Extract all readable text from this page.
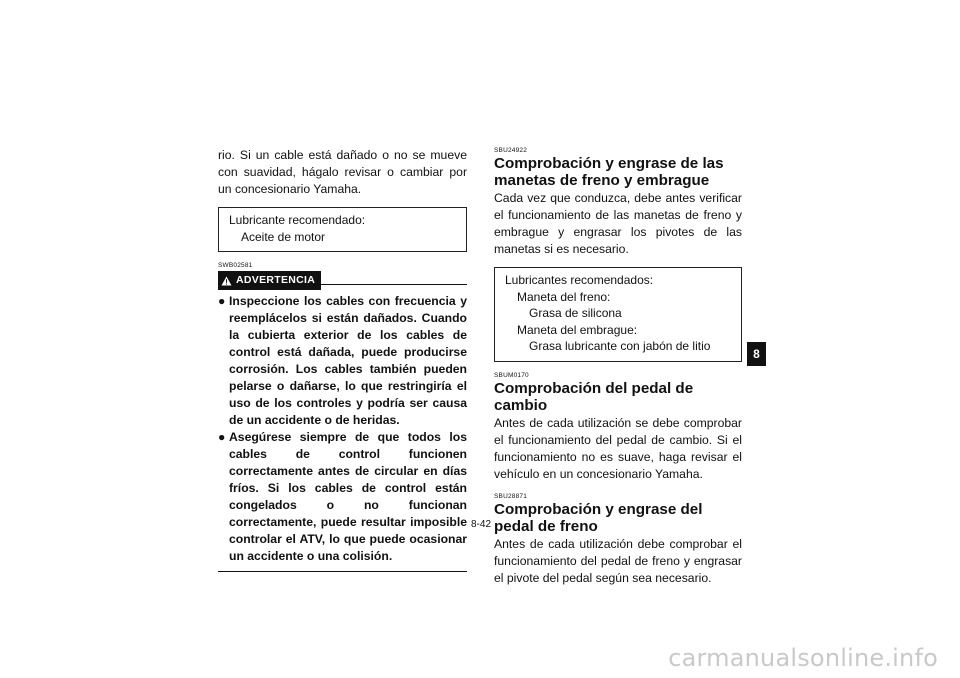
rio. Si un cable está dañado o no se mueve con suavidad, hágalo revisar o cambiar por un concesionario Yamaha.

Lubricante recomendado:
Aceite de motor
SWB02581
ADVERTENCIA
● Inspeccione los cables con frecuencia y reemplácelos si están dañados. Cuando la cubierta exterior de los cables de control está dañada, puede producirse corrosión. Los cables también pueden pelarse o dañarse, lo que restringiría el uso de los controles y podría ser causa de un accidente o de heridas.
● Asegúrese siempre de que todos los cables de control funcionen correctamente antes de circular en días fríos. Si los cables de control están congelados o no funcionan correctamente, puede resultar imposible controlar el ATV, lo que puede ocasionar un accidente o una colisión.
SBU24922
Comprobación y engrase de las manetas de freno y embrague

Cada vez que conduzca, debe antes verificar el funcionamiento de las manetas de freno y embrague y engrasar los pivotes de las manetas si es necesario.

Lubricantes recomendados:
Maneta del freno:
Grasa de silicona
Maneta del embrague:
Grasa lubricante con jabón de litio
SBUM0170
Comprobación del pedal de cambio

Antes de cada utilización se debe comprobar el funcionamiento del pedal de cambio. Si el funcionamiento no es suave, haga revisar el vehículo en un concesionario Yamaha.

SBU28871
Comprobación y engrase del pedal de freno

Antes de cada utilización debe comprobar el funcionamiento del pedal de freno y engrasar el pivote del pedal según sea necesario.

8
8-42
carmanualsonline.info
